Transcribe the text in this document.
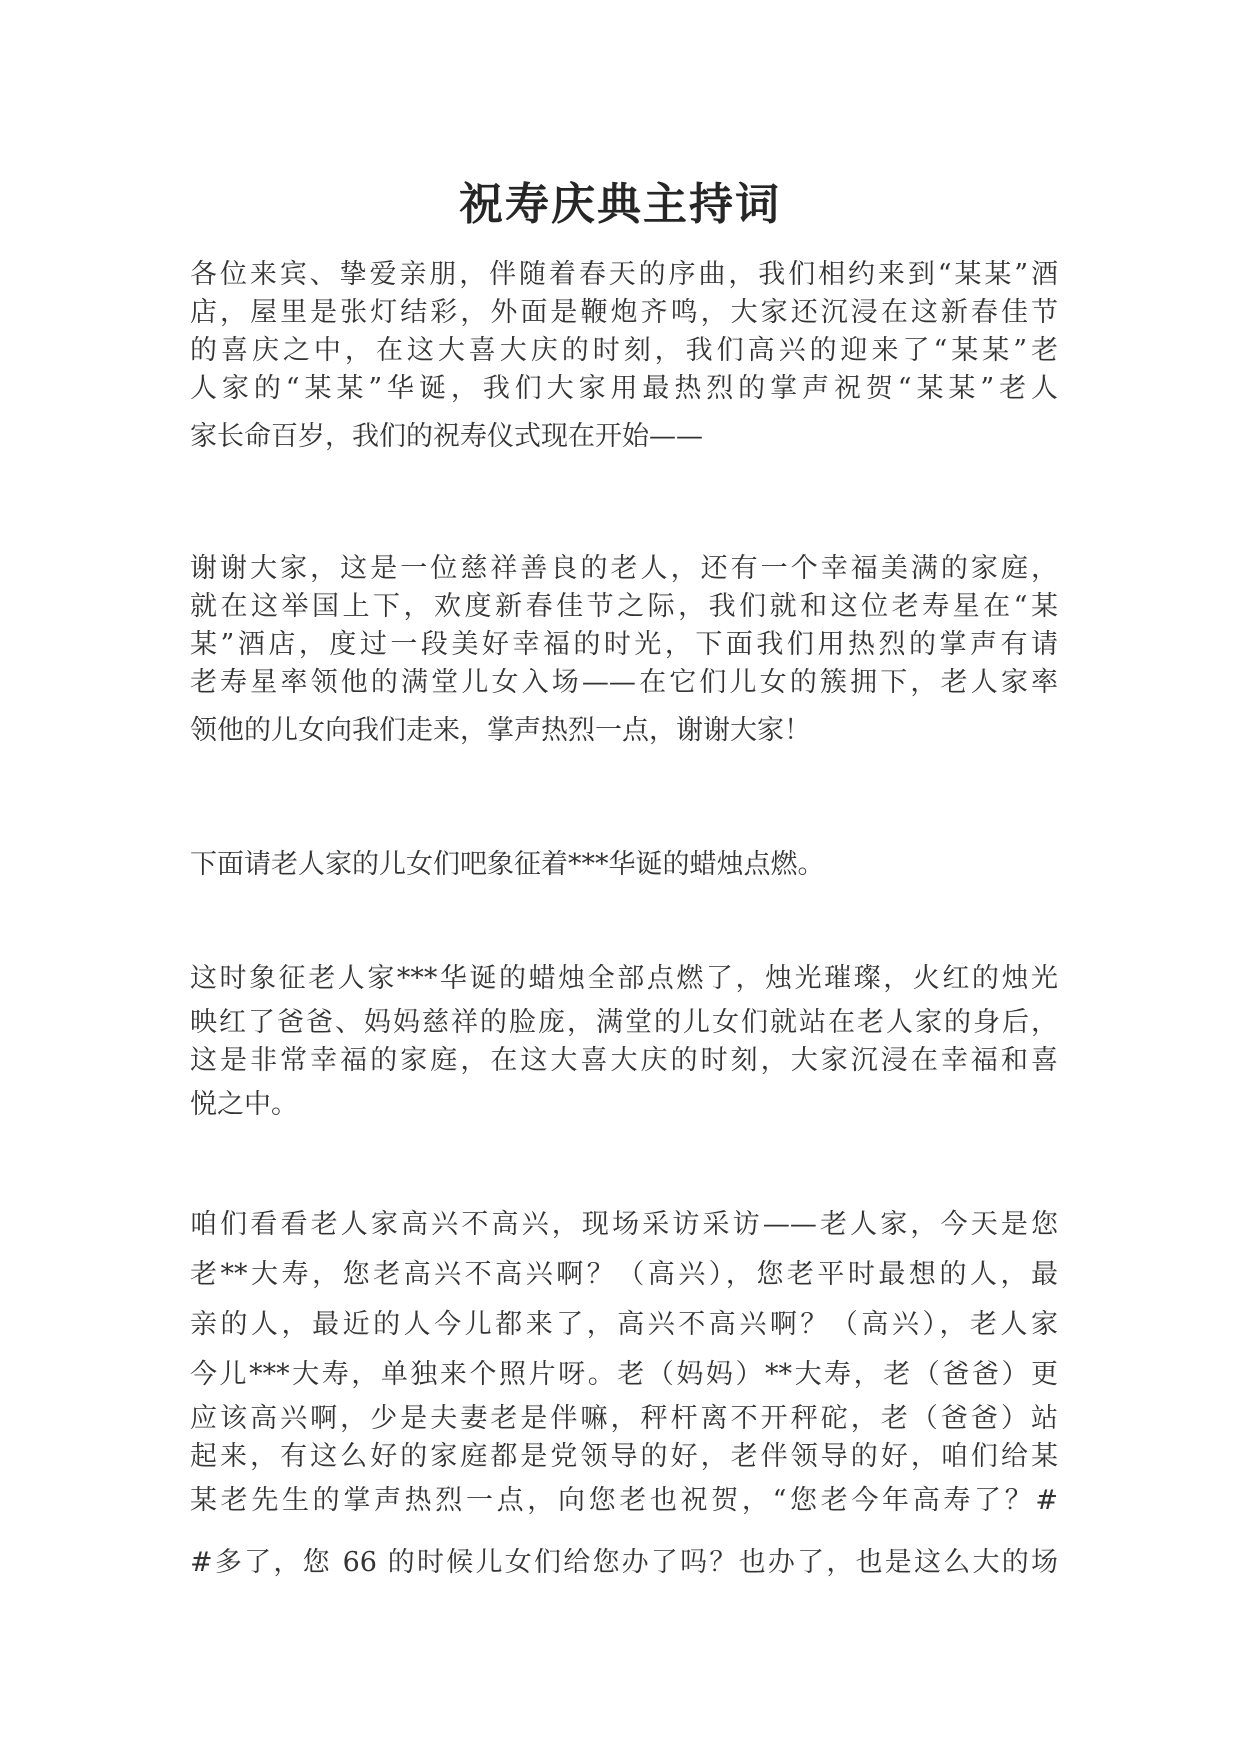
祝寿庆典主持词
各位来宾、挚爱亲朋，伴随着春天的序曲，我们相约来到“某某”酒
店，屋里是张灯结彩，外面是鞭炮齐鸣，大家还沉浸在这新春佳节
的喜庆之中，在这大喜大庆的时刻，我们高兴的迎来了“某某”老
人家的“某某”华诞，我们大家用最热烈的掌声祝贺“某某”老人
家长命百岁，我们的祝寿仪式现在开始——
谢谢大家，这是一位慈祥善良的老人，还有一个幸福美满的家庭，
就在这举国上下，欢度新春佳节之际，我们就和这位老寿星在“某
某”酒店，度过一段美好幸福的时光，下面我们用热烈的掌声有请
老寿星率领他的满堂儿女入场——在它们儿女的簇拥下，老人家率
领他的儿女向我们走来，掌声热烈一点，谢谢大家！
下面请老人家的儿女们吧象征着***华诞的蜡烛点燃。
这时象征老人家***华诞的蜡烛全部点燃了，烛光璀璨，火红的烛光
映红了爸爸、妈妈慈祥的脸庞，满堂的儿女们就站在老人家的身后，
这是非常幸福的家庭，在这大喜大庆的时刻，大家沉浸在幸福和喜
悦之中。
咱们看看老人家高兴不高兴，现场采访采访——老人家，今天是您
老**大寿，您老高兴不高兴啊？（高兴），您老平时最想的人，最
亲的人，最近的人今儿都来了，高兴不高兴啊？（高兴），老人家
今儿***大寿，单独来个照片呀。老（妈妈）**大寿，老（爸爸）更
应该高兴啊，少是夫妻老是伴嘛，秤杆离不开秤砣，老（爸爸）站
起来，有这么好的家庭都是党领导的好，老伴领导的好，咱们给某
某老先生的掌声热烈一点，向您老也祝贺，“您老今年高寿了？#
#多了，您 66 的时候儿女们给您办了吗？也办了，也是这么大的场
